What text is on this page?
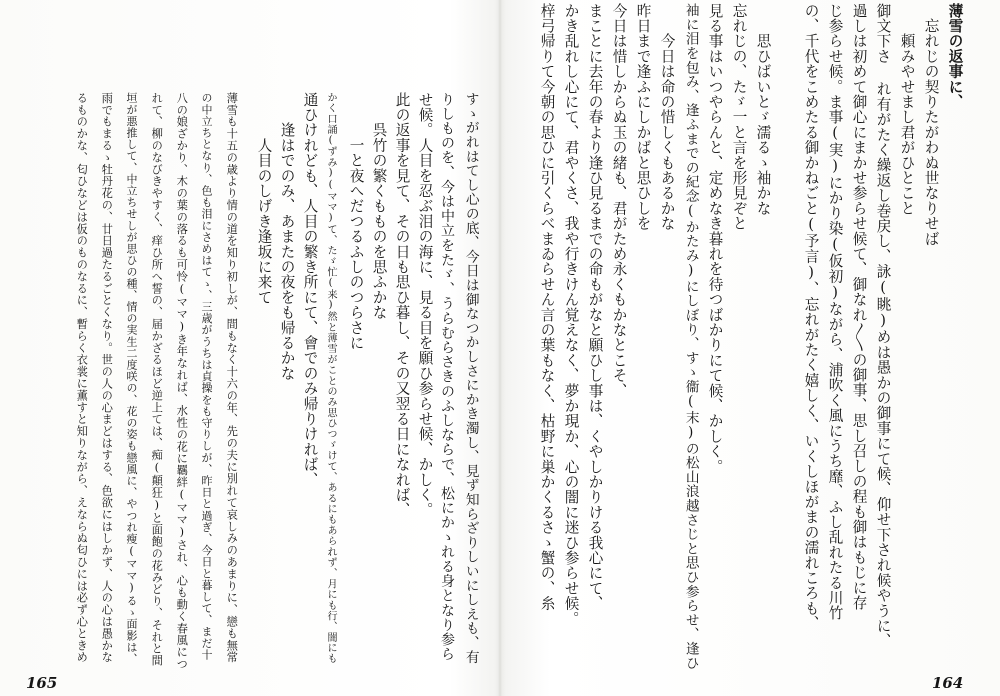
薄雪の返事に、
　忘れじの契りたがわぬ世なりせば
　　頼みやせまし君がひとこと
御文下さ れ有がたく繰返し巻戻し、詠(眺)めは愚かの御事にて候、仰せ下され候やうに、
過しは初めて御心にまかせ参らせ候て、御なれ〳〵の御事、思し召しの程も御はもじに存
じ参らせ候。ま事(実)にかり染(仮初)ながら、浦吹く風にうち靡、ふし乱れたる川竹
の、千代をこめたる御かねごと(予言)、忘れがたく嬉しく、いくしほがまの濡れころも、
　　思ひばいとゞ濡るゝ袖かな
忘れじの、たゞ一と言を形見ぞと
見る事はいつやらんと、定めなき暮れを待つばかりにて候、かしく。
袖に泪を包み、逢ふまでの紀念(かたみ)にしぼり、すゝ衞(末)の松山浪越さじと思ひ参らせ、逢ひ
　　今日は命の惜しくもあるかな
昨日まで逢ふにしかばと思ひしを
今日は惜しからぬ玉の緒も、君がため永くもかなとこそ、
まことに去年の春より逢ひ見るまでの命もがなと願ひし事は、くやしかりける我心にて、
かき乱れし心にて、君やくさ、我や行きけん覚えなく、夢か現か、心の闇に迷ひ参らせ候。
梓弓帰りて今朝の思ひに引くらべまゐらせん言の葉もなく、枯野に巣かくるさゝ蟹の、糸
164
すゝがれはてし心の底、今日は御なつかしさにかき濁し、見ず知らざりしいにしえも、有
りしものを、今は中立をたゞ、うらむらさきのふしならで、松にかゝれる身となり参ら
せ候。人目を忍ぶ泪の海に、見る目を願ひ参らせ候、かしく。
此の返事を見て、その日も思ひ暮し、その又翌る日になれば、
　　呉竹の繁くもものを思ふかな
　　　一と夜へだつるふしのつらさに
かく口誦(ずみ)(ママ)て、たゞ忙(来)然と薄雪がことのみ思ひつゞけて、あるにもあられず、月にも行、闇にも
通ひけれども、人目の繁き所にて、會でのみ帰りければ、
　　逢はでのみ、あまたの夜をも帰るかな
　　　人目のしげき逢坂に来て
薄雪も十五の歳より情の道を知り初しが、間もなく十六の年、先の夫に別れて哀しみのあまりに、戀も無常
の中立ちとなり、色も泪にさめはてゝ、三歳がうちは貞操をも守りしが、昨日と過ぎ、今日と暮して、まだ十
八の娘ざかり、木の葉の落るも可怜(ママ)き年なれば、水性の花に羈絆(ママ)され、心も動く春風につ
れて、柳のなびきやすく、痒ひ所へ誓の、届かざるほど逆上ては、痴(顛狂)と面飽の花みどり、それと間
垣が悪推して、中立ちせしが思ひの種、情の実生二度咲の、花の姿も戀風に、やつれ瘦(ママ)るゝ面影は、
雨でもまるゝ牡丹花の、廿日過たるごとくなり。世の人の心まどはする、色欲にはしかず、人の心は愚かな
るものかな、匂ひなどは仮のものなるに、暫らく衣裳に薫すと知りながら、えならぬ匂ひには必ず心ときめ
165
